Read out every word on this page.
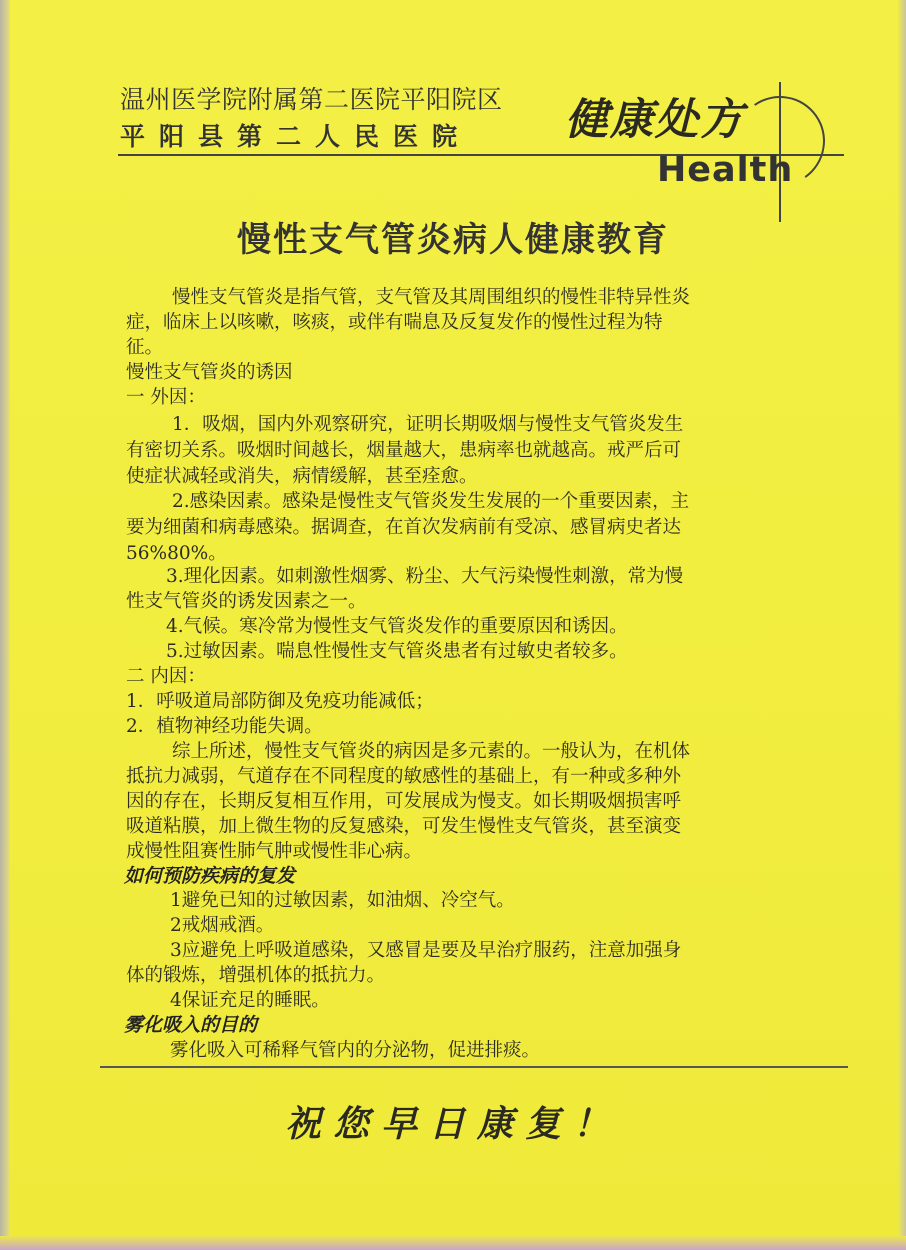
温州医学院附属第二医院平阳院区
平阳县第二人民医院 健康处方
Health
慢性支气管炎病人健康教育
慢性支气管炎是指气管，支气管及其周围组织的慢性非特异性炎
症，临床上以咳嗽，咳痰，或伴有喘息及反复发作的慢性过程为特
征。
慢性支气管炎的诱因
一 外因：
1．吸烟，国内外观察研究，证明长期吸烟与慢性支气管炎发生
有密切关系。吸烟时间越长，烟量越大，患病率也就越高。戒严后可
使症状减轻或消失，病情缓解，甚至痊愈。
2.感染因素。感染是慢性支气管炎发生发展的一个重要因素，主
要为细菌和病毒感染。据调查，在首次发病前有受凉、感冒病史者达
56%80%。
3.理化因素。如刺激性烟雾、粉尘、大气污染慢性刺激，常为慢
性支气管炎的诱发因素之一。
4.气候。寒冷常为慢性支气管炎发作的重要原因和诱因。
5.过敏因素。喘息性慢性支气管炎患者有过敏史者较多。
二 内因：
1．呼吸道局部防御及免疫功能减低；
2．植物神经功能失调。
综上所述，慢性支气管炎的病因是多元素的。一般认为，在机体
抵抗力减弱，气道存在不同程度的敏感性的基础上，有一种或多种外
因的存在，长期反复相互作用，可发展成为慢支。如长期吸烟损害呼
吸道粘膜，加上微生物的反复感染，可发生慢性支气管炎，甚至演变
成慢性阻赛性肺气肿或慢性非心病。
如何预防疾病的复发
1避免已知的过敏因素，如油烟、冷空气。
2戒烟戒酒。
3应避免上呼吸道感染，又感冒是要及早治疗服药，注意加强身
体的锻炼，增强机体的抵抗力。
4保证充足的睡眠。
雾化吸入的目的
雾化吸入可稀释气管内的分泌物，促进排痰。
祝您早日康复！
